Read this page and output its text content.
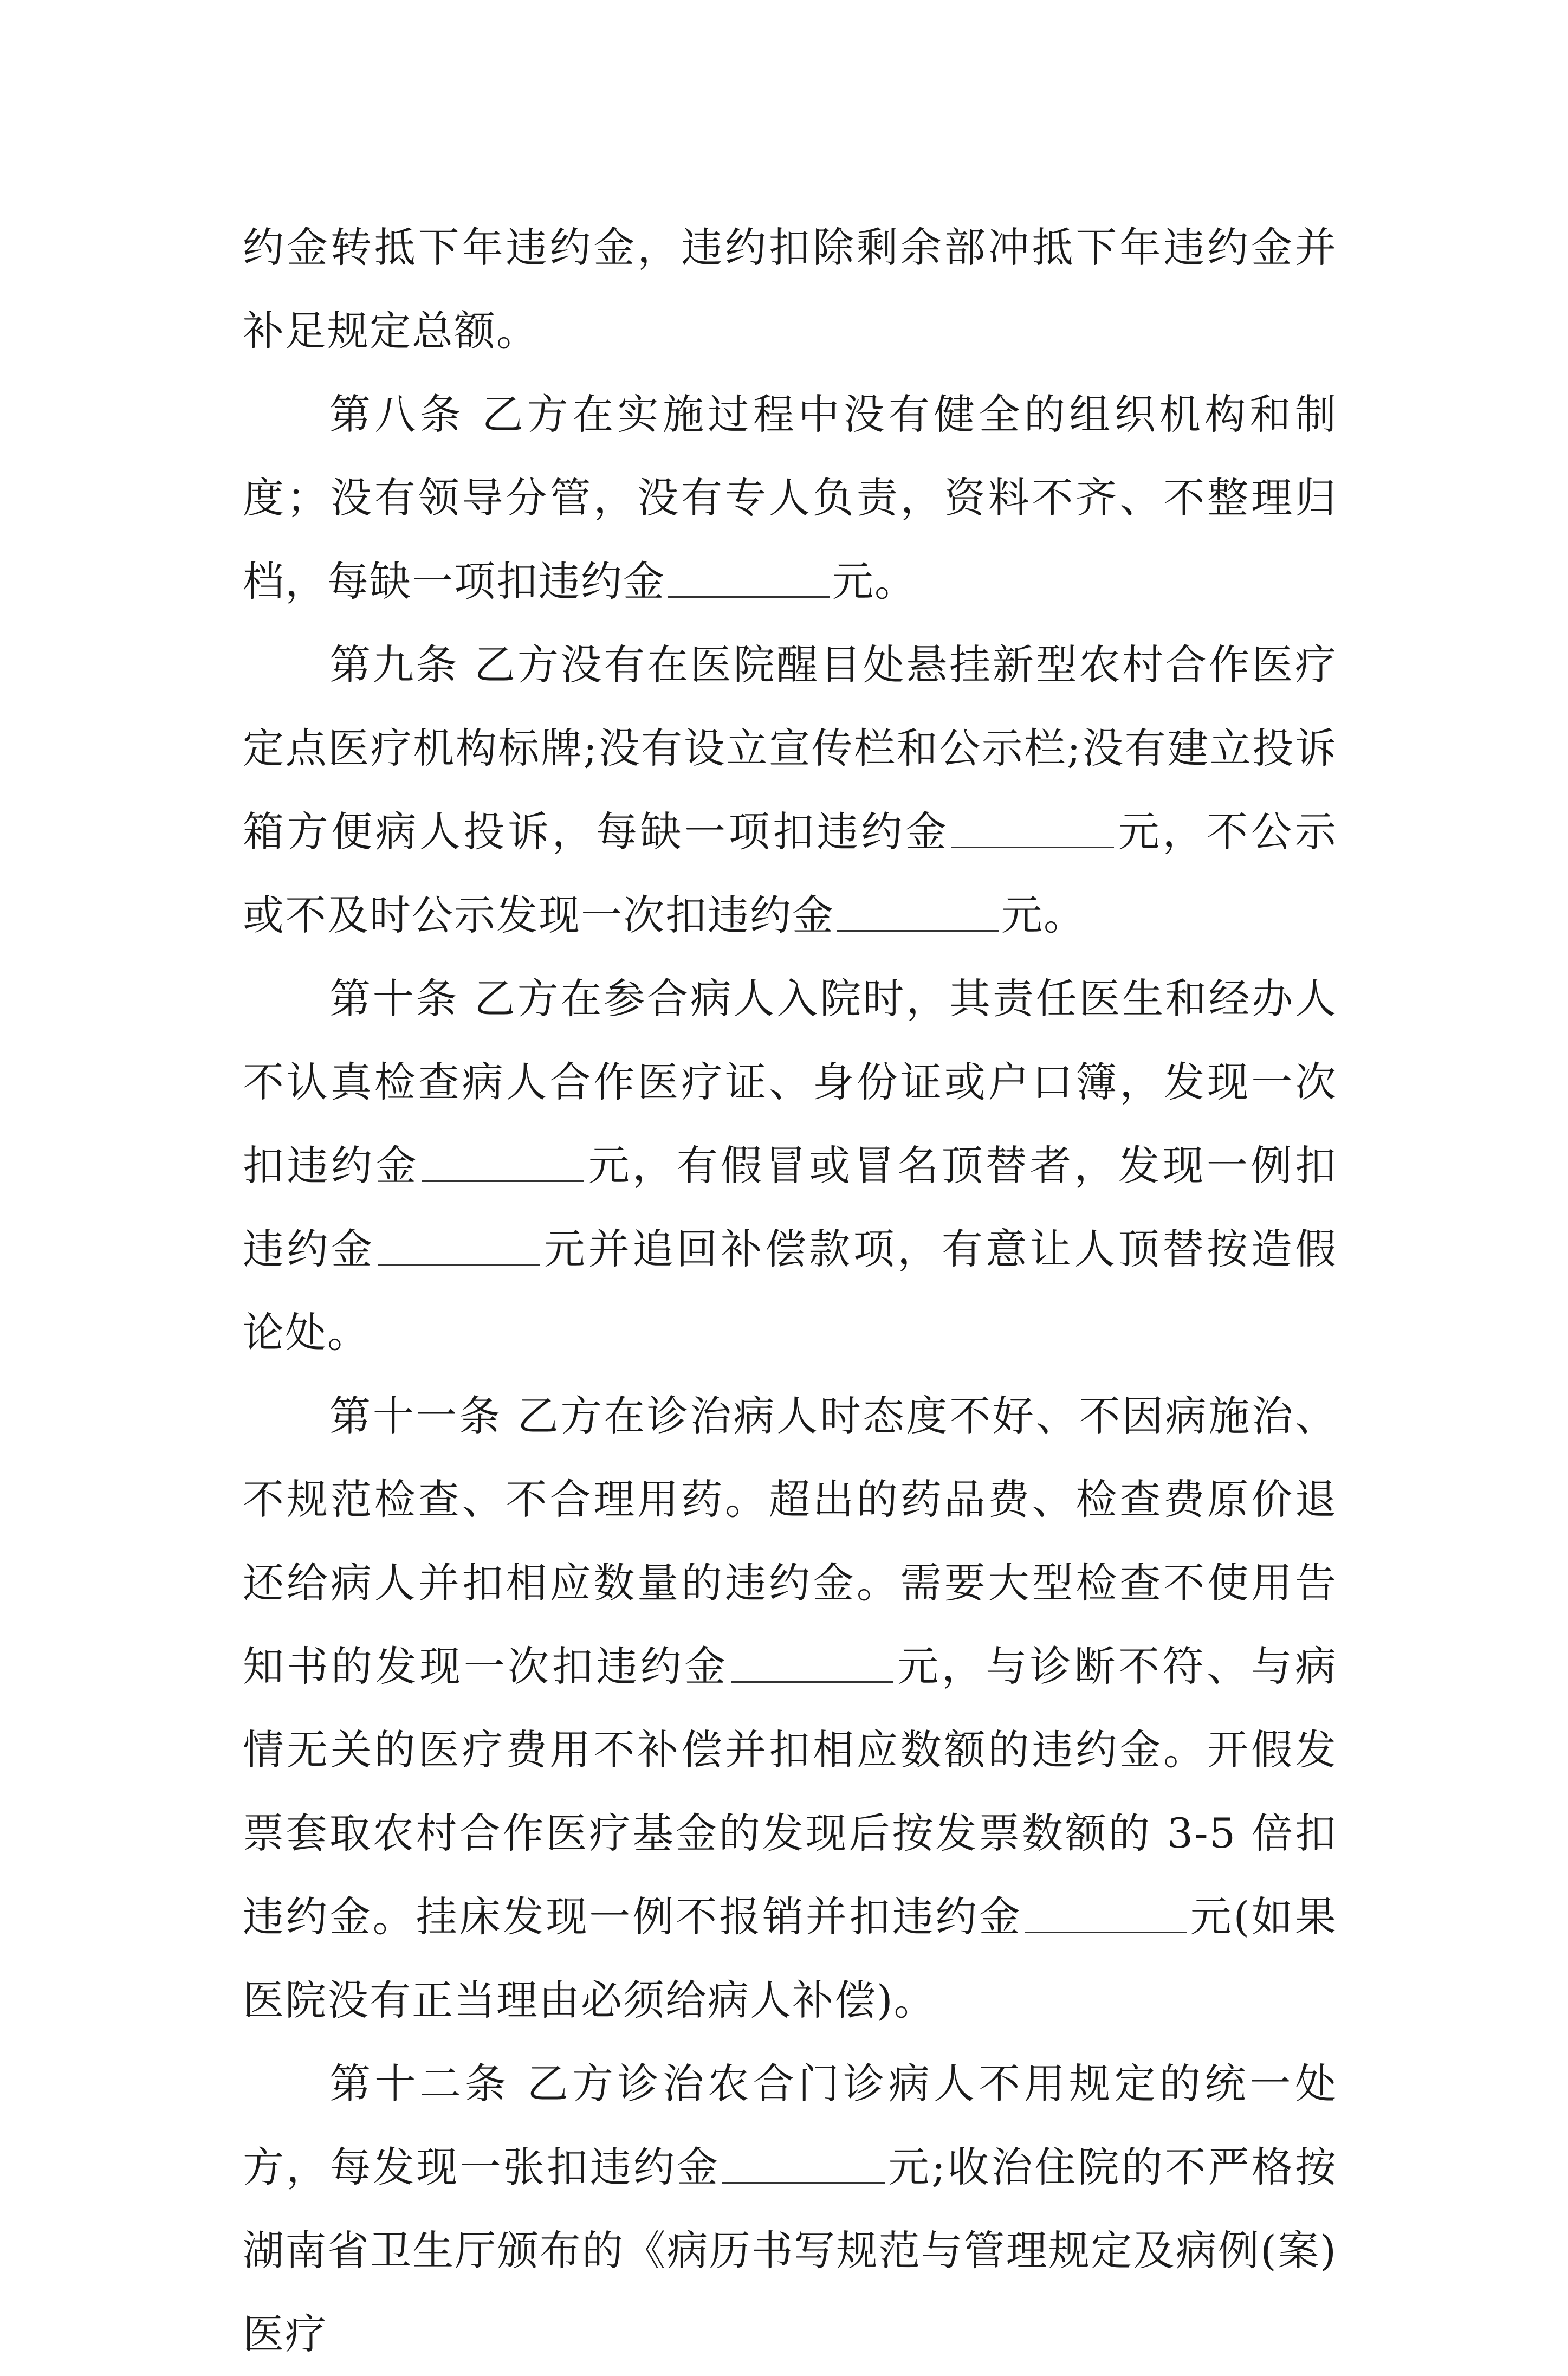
约金转抵下年违约金，违约扣除剩余部冲抵下年违约金并补足规定总额。

第八条 乙方在实施过程中没有健全的组织机构和制度；没有领导分管，没有专人负责，资料不齐、不整理归档，每缺一项扣违约金	元。

第九条 乙方没有在医院醒目处悬挂新型农村合作医疗定点医疗机构标牌;没有设立宣传栏和公示栏;没有建立投诉箱方便病人投诉，每缺一项扣违约金	元，不公示或不及时公示发现一次扣违约金	元。

第十条 乙方在参合病人入院时，其责任医生和经办人不认真检查病人合作医疗证、身份证或户口簿，发现一次扣违约金	元，有假冒或冒名顶替者，发现一例扣违约金	元并追回补偿款项，有意让人顶替按造假论处。

第十一条 乙方在诊治病人时态度不好、不因病施治、不规范检查、不合理用药。超出的药品费、检查费原价退还给病人并扣相应数量的违约金。需要大型检查不使用告知书的发现一次扣违约金	元，与诊断不符、与病情无关的医疗费用不补偿并扣相应数额的违约金。开假发票套取农村合作医疗基金的发现后按发票数额的 3-5 倍扣违约金。挂床发现一例不报销并扣违约金	元(如果医院没有正当理由必须给病人补偿)。

第十二条 乙方诊治农合门诊病人不用规定的统一处方，每发现一张扣违约金	元;收治住院的不严格按湖南省卫生厅颁布的《病历书写规范与管理规定及病例(案)医疗
